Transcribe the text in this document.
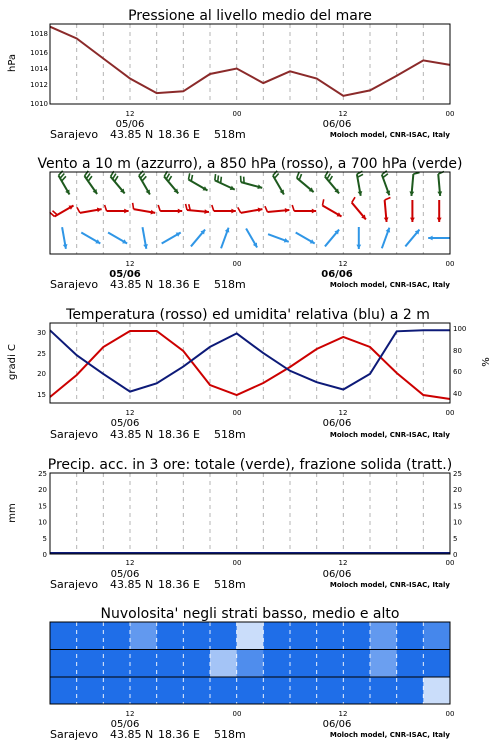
Pressione al livello medio del mare
hPa
1018
1016
1014
1012
1010
12	00	12	00
05/06	06/06
Sarajevo 43.85 N 18.36 E 518m	Moloch model, CNR-ISAC, Italy
Vento a 10 m (azzurro), a 850 hPa (rosso), a 700 hPa (verde)
12	00	12	00
05/06	06/06
Sarajevo 43.85 N 18.36 E 518m	Moloch model, CNR-ISAC, Italy
Temperatura (rosso) ed umidita' relativa (blu) a 2 m
gradi C	%
30
25
20
15
100
80
60
40
12	00	12	00
05/06	06/06
Sarajevo 43.85 N 18.36 E 518m	Moloch model, CNR-ISAC, Italy
Precip. acc. in 3 ore: totale (verde), frazione solida (tratt.)
mm
25	25
20	20
15	15
10	10
5	5
0	0
12	00	12	00
05/06	06/06
Sarajevo 43.85 N 18.36 E 518m	Moloch model, CNR-ISAC, Italy
Nuvolosita' negli strati basso, medio e alto
12	00	12	00
05/06	06/06
Sarajevo 43.85 N 18.36 E 518m	Moloch model, CNR-ISAC, Italy
